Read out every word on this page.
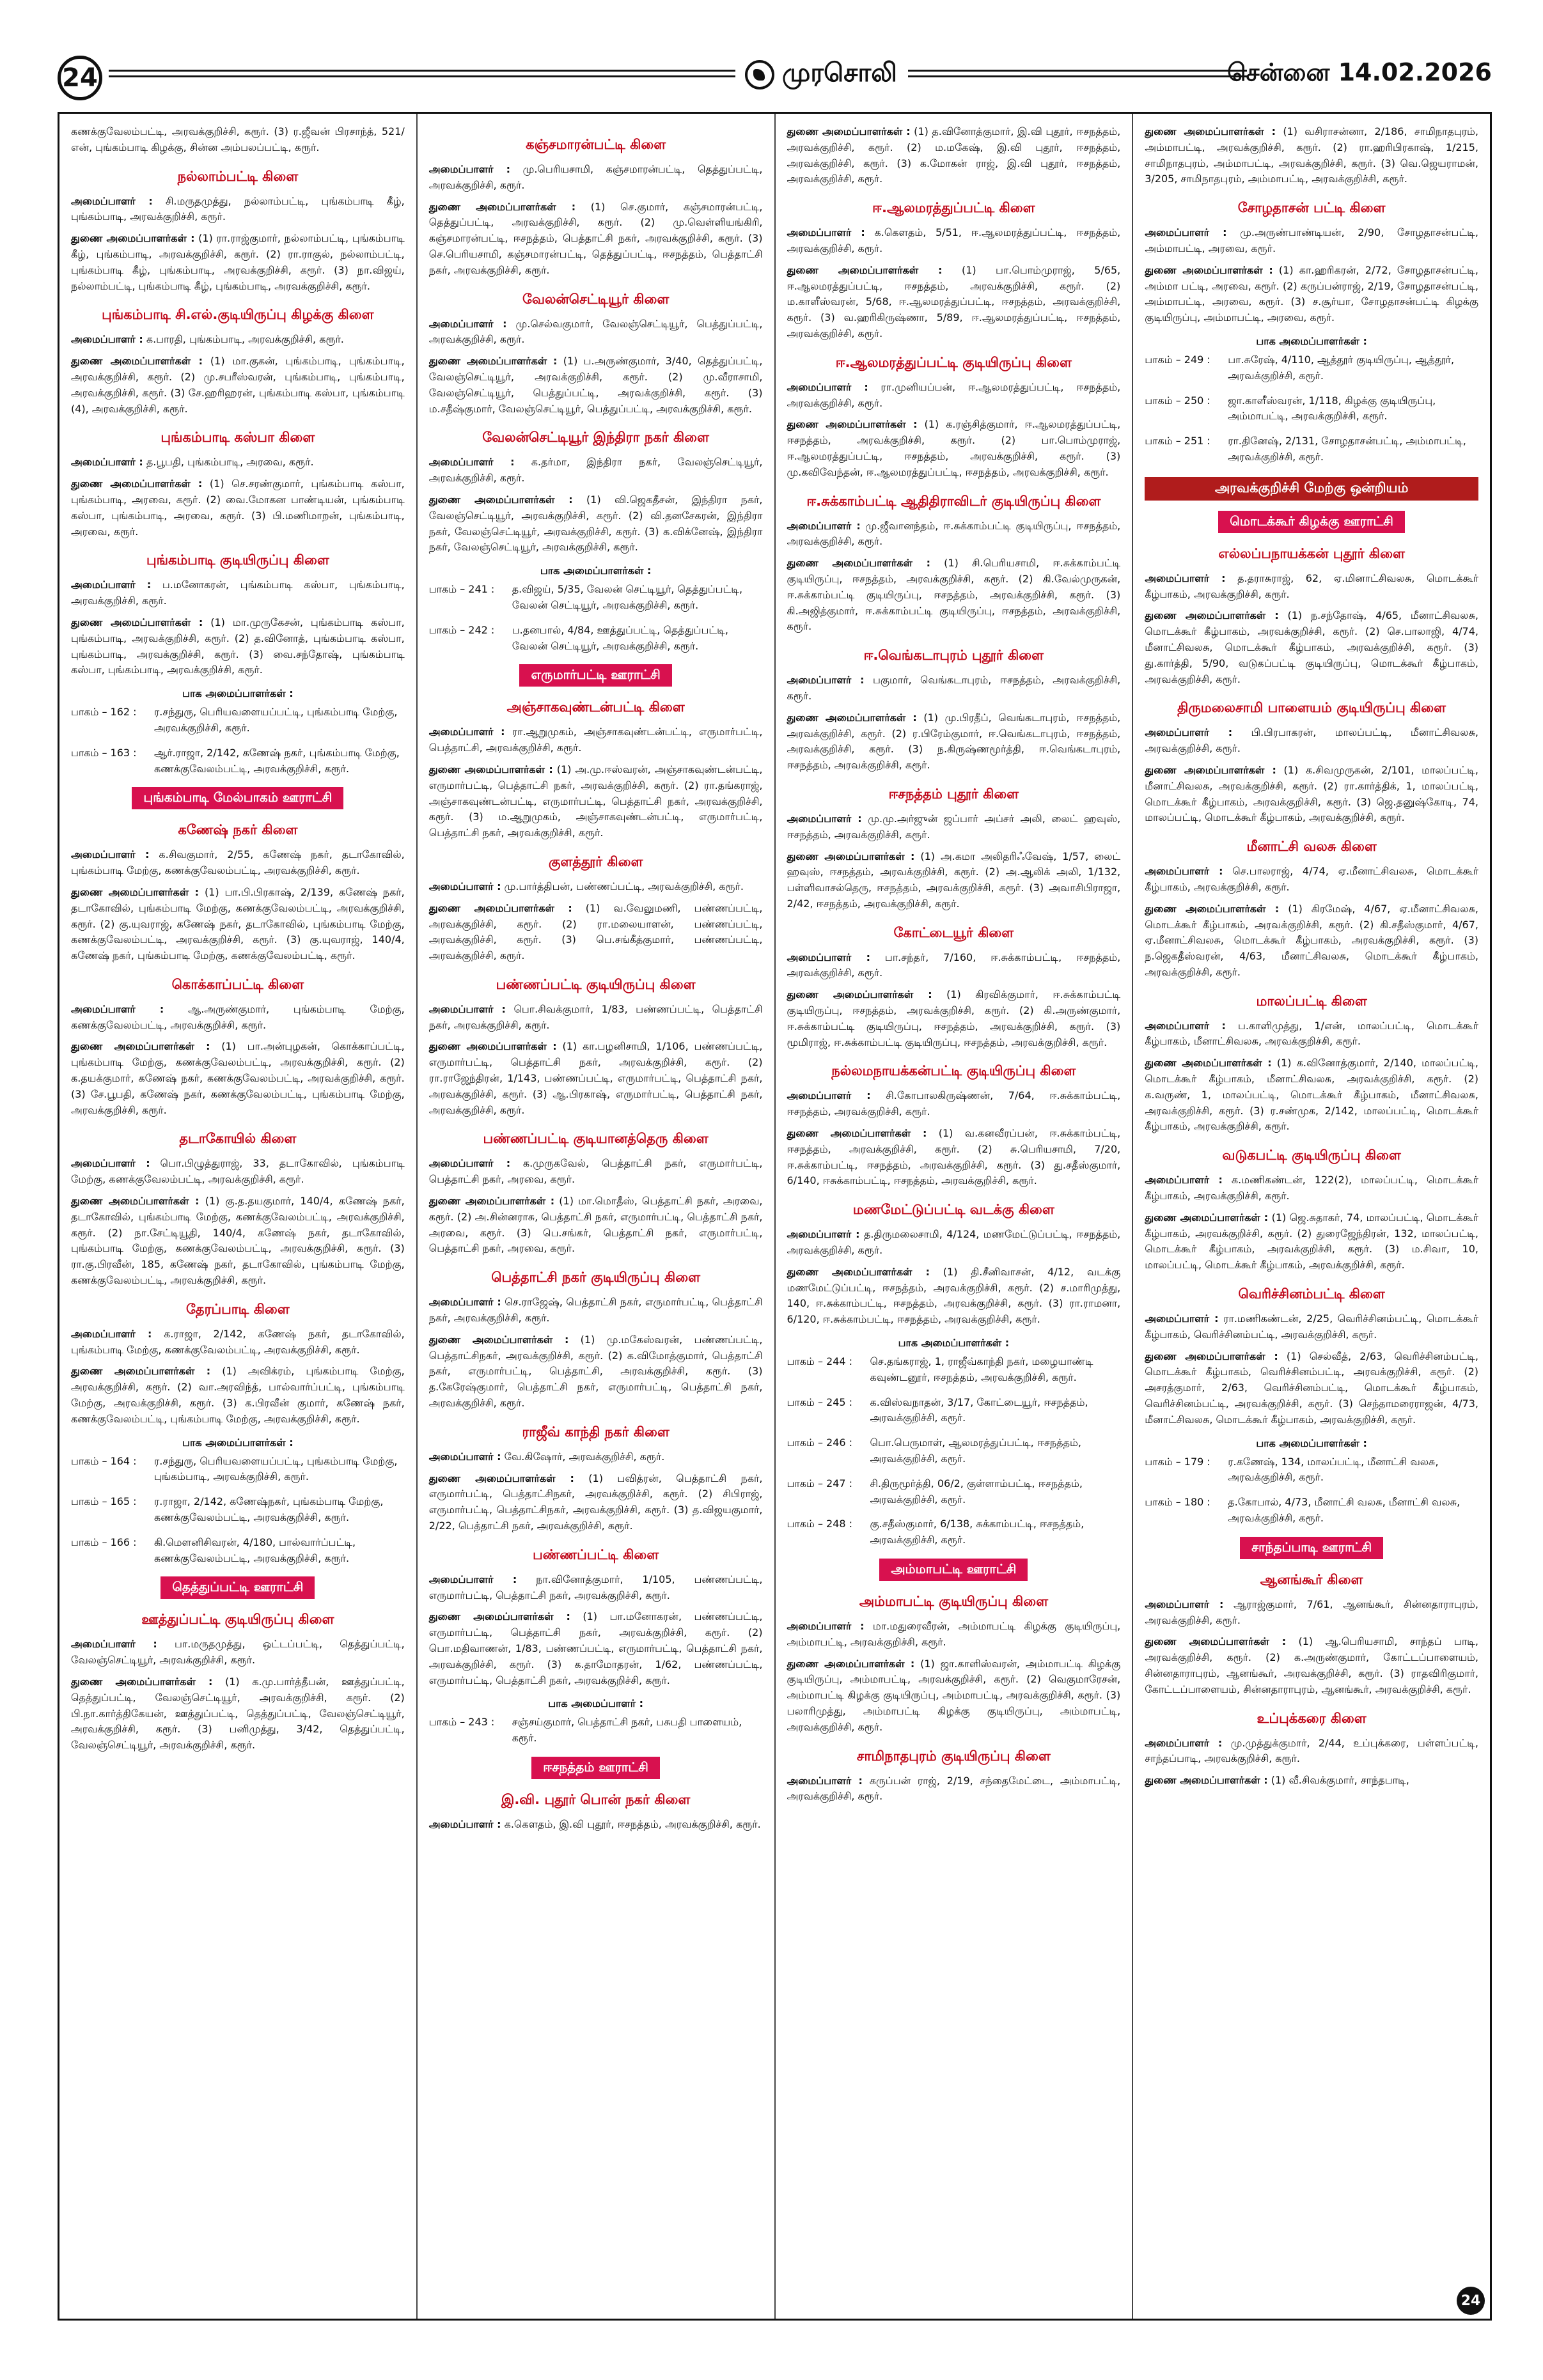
24	முரசொலி	சென்னை 14.02.2026

கணக்குவேலம்பட்டி, அரவக்குறிச்சி, கரூர். (3) ர.ஜீவன் பிரசாந்த், 521/என், புங்கம்பாடி கிழக்கு, சின்ன அம்பலப்பட்டி, கரூர்.

நல்லாம்பட்டி கிளை

அமைப்பாளர் : சி.மருதமுத்து, நல்லாம்பட்டி, புங்கம்பாடி கீழ், புங்கம்பாடி, அரவக்குறிச்சி, கரூர்.

துணை அமைப்பாளர்கள் : (1) ரா.ராஜ்குமார், நல்லாம்பட்டி, புங்கம்பாடி கீழ், புங்கம்பாடி, அரவக்குறிச்சி, கரூர். (2) ரா.ராகுல், நல்லாம்பட்டி, புங்கம்பாடி கீழ், புங்கம்பாடி, அரவக்குறிச்சி, கரூர். (3) நா.விஜய், நல்லாம்பட்டி, புங்கம்பாடி கீழ், புங்கம்பாடி, அரவக்குறிச்சி, கரூர்.

புங்கம்பாடி சி.எல்.குடியிருப்பு கிழக்கு கிளை

அமைப்பாளர் : க.பாரதி, புங்கம்பாடி, அரவக்குறிச்சி, கரூர்.

துணை அமைப்பாளர்கள் : (1) மா.குகன், புங்கம்பாடி, புங்கம்பாடி, அரவக்குறிச்சி, கரூர். (2) மு.சபரீஸ்வரன், புங்கம்பாடி, புங்கம்பாடி, அரவக்குறிச்சி, கரூர். (3) சே.ஹரிஹரன், புங்கம்பாடி கஸ்பா, புங்கம்பாடி (4), அரவக்குறிச்சி, கரூர்.

புங்கம்பாடி கஸ்பா கிளை

அமைப்பாளர் : த.பூபதி, புங்கம்பாடி, அரவை, கரூர்.

துணை அமைப்பாளர்கள் : (1) செ.சரண்குமார், புங்கம்பாடி கஸ்பா, புங்கம்பாடி, அரவை, கரூர். (2) வை.மோகன பாண்டியன், புங்கம்பாடி கஸ்பா, புங்கம்பாடி, அரவை, கரூர். (3) பி.மணிமாறன், புங்கம்பாடி, அரவை, கரூர்.

புங்கம்பாடி குடியிருப்பு கிளை

அமைப்பாளர் : ப.மனோகரன், புங்கம்பாடி கஸ்பா, புங்கம்பாடி, அரவக்குறிச்சி, கரூர்.

துணை அமைப்பாளர்கள் : (1) மா.முருகேசன், புங்கம்பாடி கஸ்பா, புங்கம்பாடி, அரவக்குறிச்சி, கரூர். (2) த.வினோத், புங்கம்பாடி கஸ்பா, புங்கம்பாடி, அரவக்குறிச்சி, கரூர். (3) வை.சந்தோஷ், புங்கம்பாடி கஸ்பா, புங்கம்பாடி, அரவக்குறிச்சி, கரூர்.

பாக அமைப்பாளர்கள் :
பாகம் – 162 :	ர.சந்துரு, பெரியவளையப்பட்டி, புங்கம்பாடி மேற்கு, அரவக்குறிச்சி, கரூர்.
பாகம் – 163 :	ஆர்.ராஜா, 2/142, கணேஷ் நகர், புங்கம்பாடி மேற்கு, கணக்குவேலம்பட்டி, அரவக்குறிச்சி, கரூர்.
புங்கம்பாடி மேல்பாகம் ஊராட்சி
கணேஷ் நகர் கிளை

அமைப்பாளர் : க.சிவகுமார், 2/55, கணேஷ் நகர், தடாகோவில், புங்கம்பாடி மேற்கு, கணக்குவேலம்பட்டி, அரவக்குறிச்சி, கரூர்.

துணை அமைப்பாளர்கள் : (1) பா.பி.பிரகாஷ், 2/139, கணேஷ் நகர், தடாகோவில், புங்கம்பாடி மேற்கு, கணக்குவேலம்பட்டி, அரவக்குறிச்சி, கரூர். (2) கு.யுவராஜ், கணேஷ் நகர், தடாகோவில், புங்கம்பாடி மேற்கு, கணக்குவேலம்பட்டி, அரவக்குறிச்சி, கரூர். (3) கு.யுவராஜ், 140/4, கணேஷ் நகர், புங்கம்பாடி மேற்கு, கணக்குவேலம்பட்டி, கரூர்.

கொக்காப்பட்டி கிளை

அமைப்பாளர் : ஆ.அருண்குமார், புங்கம்பாடி மேற்கு, கணக்குவேலம்பட்டி, அரவக்குறிச்சி, கரூர்.

துணை அமைப்பாளர்கள் : (1) பா.அன்புழகன், கொக்காப்பட்டி, புங்கம்பாடி மேற்கு, கணக்குவேலம்பட்டி, அரவக்குறிச்சி, கரூர். (2) க.தயக்குமார், கணேஷ் நகர், கணக்குவேலம்பட்டி, அரவக்குறிச்சி, கரூர். (3) சே.பூபதி, கணேஷ் நகர், கணக்குவேலம்பட்டி, புங்கம்பாடி மேற்கு, அரவக்குறிச்சி, கரூர்.

தடாகோயில் கிளை

அமைப்பாளர் : பொ.பிழுத்துராஜ், 33, தடாகோவில், புங்கம்பாடி மேற்கு, கணக்குவேலம்பட்டி, அரவக்குறிச்சி, கரூர்.

துணை அமைப்பாளர்கள் : (1) கு.த.தயகுமார், 140/4, கணேஷ் நகர், தடாகோவில், புங்கம்பாடி மேற்கு, கணக்குவேலம்பட்டி, அரவக்குறிச்சி, கரூர். (2) நா.சேட்டியூதி, 140/4, கணேஷ் நகர், தடாகோவில், புங்கம்பாடி மேற்கு, கணக்குவேலம்பட்டி, அரவக்குறிச்சி, கரூர். (3) ரா.கு.பிரவீன், 185, கணேஷ் நகர், தடாகோவில், புங்கம்பாடி மேற்கு, கணக்குவேலம்பட்டி, அரவக்குறிச்சி, கரூர்.

தேரப்பாடி கிளை

அமைப்பாளர் : க.ராஜா, 2/142, கணேஷ் நகர், தடாகோவில், புங்கம்பாடி மேற்கு, கணக்குவேலம்பட்டி, அரவக்குறிச்சி, கரூர்.

துணை அமைப்பாளர்கள் : (1) அவிக்ரம், புங்கம்பாடி மேற்கு, அரவக்குறிச்சி, கரூர். (2) வா.அரவிந்த், பால்வார்ப்பட்டி, புங்கம்பாடி மேற்கு, அரவக்குறிச்சி, கரூர். (3) க.பிரவீன் குமார், கணேஷ் நகர், கணக்குவேலம்பட்டி, புங்கம்பாடி மேற்கு, அரவக்குறிச்சி, கரூர்.

பாக அமைப்பாளர்கள் :
பாகம் – 164 :	ர.சந்துரு, பெரியவளையப்பட்டி, புங்கம்பாடி மேற்கு, புங்கம்பாடி, அரவக்குறிச்சி, கரூர்.
பாகம் – 165 :	ர.ராஜா, 2/142, கணேஷ்நகர், புங்கம்பாடி மேற்கு, கணக்குவேலம்பட்டி, அரவக்குறிச்சி, கரூர்.
பாகம் – 166 :	கி.மெளனிசிவரன், 4/180, பால்வார்ப்பட்டி, கணக்குவேலம்பட்டி, அரவக்குறிச்சி, கரூர்.
தெத்துப்பட்டி ஊராட்சி
ஊத்துப்பட்டி குடியிருப்பு கிளை

அமைப்பாளர் : பா.மருதமுத்து, ஒட்டப்பட்டி, தெத்துப்பட்டி, வேலஞ்செட்டியூர், அரவக்குறிச்சி, கரூர்.

துணை அமைப்பாளர்கள் : (1) க.மு.பார்த்தீபன், ஊத்துப்பட்டி, தெத்துப்பட்டி, வேலஞ்செட்டியூர், அரவக்குறிச்சி, கரூர். (2) பி.நா.கார்த்திகேயன், ஊத்துப்பட்டி, தெத்துப்பட்டி, வேலஞ்செட்டியூர், அரவக்குறிச்சி, கரூர். (3) பனிமுத்து, 3/42, தெத்துப்பட்டி, வேலஞ்செட்டியூர், அரவக்குறிச்சி, கரூர்.

கஞ்சமாரன்பட்டி கிளை

அமைப்பாளர் : மு.பெரியசாமி, கஞ்சமாரன்பட்டி, தெத்துப்பட்டி, அரவக்குறிச்சி, கரூர்.

துணை அமைப்பாளர்கள் : (1) செ.குமார், கஞ்சமாரன்பட்டி, தெத்துப்பட்டி, அரவக்குறிச்சி, கரூர். (2) மு.வெள்ளியங்கிரி, கஞ்சமாரன்பட்டி, ஈசநத்தம், பெத்தாட்சி நகர், அரவக்குறிச்சி, கரூர். (3) செ.பெரியசாமி, கஞ்சமாரன்பட்டி, தெத்துப்பட்டி, ஈசநத்தம், பெத்தாட்சி நகர், அரவக்குறிச்சி, கரூர்.

வேலன்செட்டியூர் கிளை

அமைப்பாளர் : மு.செல்வகுமார், வேலஞ்செட்டியூர், பெத்துப்பட்டி, அரவக்குறிச்சி, கரூர்.

துணை அமைப்பாளர்கள் : (1) ப.அருண்குமார், 3/40, தெத்துப்பட்டி, வேலஞ்செட்டியூர், அரவக்குறிச்சி, கரூர். (2) மு.வீராசாமி, வேலஞ்செட்டியூர், பெத்துப்பட்டி, அரவக்குறிச்சி, கரூர். (3) ம.சதீஷ்குமார், வேலஞ்செட்டியூர், பெத்துப்பட்டி, அரவக்குறிச்சி, கரூர்.

வேலன்செட்டியூர் இந்திரா நகர் கிளை

அமைப்பாளர் : க.தர்மா, இந்திரா நகர், வேலஞ்செட்டியூர், அரவக்குறிச்சி, கரூர்.

துணை அமைப்பாளர்கள் : (1) வி.ஜெகதீசன், இந்திரா நகர், வேலஞ்செட்டியூர், அரவக்குறிச்சி, கரூர். (2) வி.தனசேகரன், இந்திரா நகர், வேலஞ்செட்டியூர், அரவக்குறிச்சி, கரூர். (3) க.விக்னேஷ், இந்திரா நகர், வேலஞ்செட்டியூர், அரவக்குறிச்சி, கரூர்.

பாக அமைப்பாளர்கள் :
பாகம் – 241 :	த.விஜய், 5/35, வேலன் செட்டியூர், தெத்துப்பட்டி, வேலன் செட்டியூர், அரவக்குறிச்சி, கரூர்.
பாகம் – 242 :	ப.தனபால், 4/84, ஊத்துப்பட்டி, தெத்துப்பட்டி, வேலன் செட்டியூர், அரவக்குறிச்சி, கரூர்.
எருமார்பட்டி ஊராட்சி
அஞ்சாகவுண்டன்பட்டி கிளை

அமைப்பாளர் : ரா.ஆறுமுகம், அஞ்சாகவுண்டன்பட்டி, எருமார்பட்டி, பெத்தாட்சி, அரவக்குறிச்சி, கரூர்.

துணை அமைப்பாளர்கள் : (1) அ.மு.ஈஸ்வரன், அஞ்சாகவுண்டன்பட்டி, எருமார்பட்டி, பெத்தாட்சி நகர், அரவக்குறிச்சி, கரூர். (2) ரா.தங்கராஜ், அஞ்சாகவுண்டன்பட்டி, எருமார்பட்டி, பெத்தாட்சி நகர், அரவக்குறிச்சி, கரூர். (3) ம.ஆறுமுகம், அஞ்சாகவுண்டன்பட்டி, எருமார்பட்டி, பெத்தாட்சி நகர், அரவக்குறிச்சி, கரூர்.

குளத்தூர் கிளை

அமைப்பாளர் : மு.பார்த்திபன், பண்ணப்பட்டி, அரவக்குறிச்சி, கரூர்.

துணை அமைப்பாளர்கள் : (1) வ.வேலுமணி, பண்ணப்பட்டி, அரவக்குறிச்சி, கரூர். (2) ரா.மலையாளன், பண்ணப்பட்டி, அரவக்குறிச்சி, கரூர். (3) பெ.சங்கீத்குமார், பண்ணப்பட்டி, அரவக்குறிச்சி, கரூர்.

பண்ணப்பட்டி குடியிருப்பு கிளை

அமைப்பாளர் : பொ.சிவக்குமார், 1/83, பண்ணப்பட்டி, பெத்தாட்சி நகர், அரவக்குறிச்சி, கரூர்.

துணை அமைப்பாளர்கள் : (1) கா.பழனிசாமி, 1/106, பண்ணப்பட்டி, எருமார்பட்டி, பெத்தாட்சி நகர், அரவக்குறிச்சி, கரூர். (2) ரா.ராஜேந்திரன், 1/143, பண்ணப்பட்டி, எருமார்பட்டி, பெத்தாட்சி நகர், அரவக்குறிச்சி, கரூர். (3) ஆ.பிரகாஷ், எருமார்பட்டி, பெத்தாட்சி நகர், அரவக்குறிச்சி, கரூர்.

பண்ணப்பட்டி குடியானத்தெரு கிளை

அமைப்பாளர் : க.முருகவேல், பெத்தாட்சி நகர், எருமார்பட்டி, பெத்தாட்சி நகர், அரவை, கரூர்.

துணை அமைப்பாளர்கள் : (1) மா.மொதீஸ், பெத்தாட்சி நகர், அரவை, கரூர். (2) அ.சின்னராசு, பெத்தாட்சி நகர், எருமார்பட்டி, பெத்தாட்சி நகர், அரவை, கரூர். (3) பெ.சங்கர், பெத்தாட்சி நகர், எருமார்பட்டி, பெத்தாட்சி நகர், அரவை, கரூர்.

பெத்தாட்சி நகர் குடியிருப்பு கிளை

அமைப்பாளர் : செ.ராஜேஷ், பெத்தாட்சி நகர், எருமார்பட்டி, பெத்தாட்சி நகர், அரவக்குறிச்சி, கரூர்.

துணை அமைப்பாளர்கள் : (1) மு.மகேஸ்வரன், பண்ணப்பட்டி, பெத்தாட்சிநகர், அரவக்குறிச்சி, கரூர். (2) க.விமோத்குமார், பெத்தாட்சி நகர், எருமார்பட்டி, பெத்தாட்சி, அரவக்குறிச்சி, கரூர். (3) த.கேரேஷ்குமார், பெத்தாட்சி நகர், எருமார்பட்டி, பெத்தாட்சி நகர், அரவக்குறிச்சி, கரூர்.

ராஜீவ் காந்தி நகர் கிளை

அமைப்பாளர் : வே.கிஷோர், அரவக்குறிச்சி, கரூர்.

துணை அமைப்பாளர்கள் : (1) பவித்ரன், பெத்தாட்சி நகர், எருமார்பட்டி, பெத்தாட்சிநகர், அரவக்குறிச்சி, கரூர். (2) சிபிராஜ், எருமார்பட்டி, பெத்தாட்சிநகர், அரவக்குறிச்சி, கரூர். (3) த.விஜயகுமார், 2/22, பெத்தாட்சி நகர், அரவக்குறிச்சி, கரூர்.

பண்ணப்பட்டி கிளை

அமைப்பாளர் : நா.வினோத்குமார், 1/105, பண்ணப்பட்டி, எருமார்பட்டி, பெத்தாட்சி நகர், அரவக்குறிச்சி, கரூர்.

துணை அமைப்பாளர்கள் : (1) பா.மனோகரன், பண்ணப்பட்டி, எருமார்பட்டி, பெத்தாட்சி நகர், அரவக்குறிச்சி, கரூர். (2) பொ.மதிவாணன், 1/83, பண்ணப்பட்டி, எருமார்பட்டி, பெத்தாட்சி நகர், அரவக்குறிச்சி, கரூர். (3) க.தாமோதரன், 1/62, பண்ணப்பட்டி, எருமார்பட்டி, பெத்தாட்சி நகர், அரவக்குறிச்சி, கரூர்.

பாக அமைப்பாளர் :
பாகம் – 243 :	சஞ்சய்குமார், பெத்தாட்சி நகர், பசுபதி பாளையம், கரூர்.
ஈசநத்தம் ஊராட்சி
இ.வி. புதூர் பொன் நகர் கிளை

அமைப்பாளர் : க.கௌதம், இ.வி புதூர், ஈசநத்தம், அரவக்குறிச்சி, கரூர்.

துணை அமைப்பாளர்கள் : (1) த.வினோத்குமார், இ.வி புதூர், ஈசநத்தம், அரவக்குறிச்சி, கரூர். (2) ம.மகேஷ், இ.வி புதூர், ஈசநத்தம், அரவக்குறிச்சி, கரூர். (3) க.மோகன் ராஜ், இ.வி புதூர், ஈசநத்தம், அரவக்குறிச்சி, கரூர்.

ஈ.ஆலமரத்துப்பட்டி கிளை

அமைப்பாளர் : க.கௌதம், 5/51, ஈ.ஆலமரத்துப்பட்டி, ஈசநத்தம், அரவக்குறிச்சி, கரூர்.

துணை அமைப்பாளர்கள் : (1) பா.பொம்முராஜ், 5/65, ஈ.ஆலமரத்துப்பட்டி, ஈசநத்தம், அரவக்குறிச்சி, கரூர். (2) ம.காளீஸ்வரன், 5/68, ஈ.ஆலமரத்துப்பட்டி, ஈசநத்தம், அரவக்குறிச்சி, கரூர். (3) வ.ஹரிகிருஷ்ணா, 5/89, ஈ.ஆலமரத்துப்பட்டி, ஈசநத்தம், அரவக்குறிச்சி, கரூர்.

ஈ.ஆலமரத்துப்பட்டி குடியிருப்பு கிளை

அமைப்பாளர் : ரா.முனியப்பன், ஈ.ஆலமரத்துப்பட்டி, ஈசநத்தம், அரவக்குறிச்சி, கரூர்.

துணை அமைப்பாளர்கள் : (1) க.ரஞ்சித்குமார், ஈ.ஆலமரத்துப்பட்டி, ஈசநத்தம், அரவக்குறிச்சி, கரூர். (2) பா.பொம்முராஜ், ஈ.ஆலமரத்துப்பட்டி, ஈசநத்தம், அரவக்குறிச்சி, கரூர். (3) மு.கவிவேந்தன், ஈ.ஆலமரத்துப்பட்டி, ஈசநத்தம், அரவக்குறிச்சி, கரூர்.

ஈ.சுக்காம்பட்டி ஆதிதிராவிடர் குடியிருப்பு கிளை

அமைப்பாளர் : மு.ஜீவானந்தம், ஈ.சுக்காம்பட்டி குடியிருப்பு, ஈசநத்தம், அரவக்குறிச்சி, கரூர்.

துணை அமைப்பாளர்கள் : (1) சி.பெரியசாமி, ஈ.சுக்காம்பட்டி குடியிருப்பு, ஈசநத்தம், அரவக்குறிச்சி, கரூர். (2) கி.வேல்முருகன், ஈ.சுக்காம்பட்டி குடியிருப்பு, ஈசநத்தம், அரவக்குறிச்சி, கரூர். (3) கி.அஜித்குமார், ஈ.சுக்காம்பட்டி குடியிருப்பு, ஈசநத்தம், அரவக்குறிச்சி, கரூர்.

ஈ.வெங்கடாபுரம் புதூர் கிளை

அமைப்பாளர் : பகுமார், வெங்கடாபுரம், ஈசநத்தம், அரவக்குறிச்சி, கரூர்.

துணை அமைப்பாளர்கள் : (1) மு.பிரதீப், வெங்கடாபுரம், ஈசநத்தம், அரவக்குறிச்சி, கரூர். (2) ர.பிரேம்குமார், ஈ.வெங்கடாபுரம், ஈசநத்தம், அரவக்குறிச்சி, கரூர். (3) ந.கிருஷ்ணமூர்த்தி, ஈ.வெங்கடாபுரம், ஈசநத்தம், அரவக்குறிச்சி, கரூர்.

ஈசநத்தம் புதூர் கிளை

அமைப்பாளர் : மு.மு.அர்ஜுன் ஜப்பார் அப்சர் அலி, லைட் ஹவுஸ், ஈசநத்தம், அரவக்குறிச்சி, கரூர்.

துணை அமைப்பாளர்கள் : (1) அ.கமா அலிதரிஃவேஷ், 1/57, லைட் ஹவுஸ், ஈசநத்தம், அரவக்குறிச்சி, கரூர். (2) அ.ஆலிக் அலி, 1/132, பள்ளிவாசல்தெரு, ஈசநத்தம், அரவக்குறிச்சி, கரூர். (3) அவாசிபிராஜா, 2/42, ஈசநத்தம், அரவக்குறிச்சி, கரூர்.

கோட்டையூர் கிளை

அமைப்பாளர் : பா.சந்தர், 7/160, ஈ.சுக்காம்பட்டி, ஈசநத்தம், அரவக்குறிச்சி, கரூர்.

துணை அமைப்பாளர்கள் : (1) கிரவிக்குமார், ஈ.சுக்காம்பட்டி குடியிருப்பு, ஈசநத்தம், அரவக்குறிச்சி, கரூர். (2) கி.அருண்குமார், ஈ.சுக்காம்பட்டி குடியிருப்பு, ஈசநத்தம், அரவக்குறிச்சி, கரூர். (3) மூமிராஜ், ஈ.சுக்காம்பட்டி குடியிருப்பு, ஈசநத்தம், அரவக்குறிச்சி, கரூர்.

நல்லமநாயக்கன்பட்டி குடியிருப்பு கிளை

அமைப்பாளர் : சி.கோபாலகிருஷ்ணன், 7/64, ஈ.சுக்காம்பட்டி, ஈசநத்தம், அரவக்குறிச்சி, கரூர்.

துணை அமைப்பாளர்கள் : (1) வ.கனவீரப்பன், ஈ.சுக்காம்பட்டி, ஈசநத்தம், அரவக்குறிச்சி, கரூர். (2) சு.பெரியசாமி, 7/20, ஈ.சுக்காம்பட்டி, ஈசநத்தம், அரவக்குறிச்சி, கரூர். (3) து.சதீஸ்குமார், 6/140, ஈசுக்காம்பட்டி, ஈசநத்தம், அரவக்குறிச்சி, கரூர்.

மணமேட்டுப்பட்டி வடக்கு கிளை

அமைப்பாளர் : த.திருமலைசாமி, 4/124, மணமேட்டுப்பட்டி, ஈசநத்தம், அரவக்குறிச்சி, கரூர்.

துணை அமைப்பாளர்கள் : (1) தி.சீனிவாசன், 4/12, வடக்கு மணமேட்டுப்பட்டி, ஈசநத்தம், அரவக்குறிச்சி, கரூர். (2) ச.மாரிமுத்து, 140, ஈ.சுக்காம்பட்டி, ஈசநத்தம், அரவக்குறிச்சி, கரூர். (3) ரா.ராமனா, 6/120, ஈ.சுக்காம்பட்டி, ஈசநத்தம், அரவக்குறிச்சி, கரூர்.

பாக அமைப்பாளர்கள் :
பாகம் – 244 :	செ.தங்கராஜ், 1, ராஜீவ்காந்தி நகர், மழையாண்டி கவுண்டனூர், ஈசநத்தம், அரவக்குறிச்சி, கரூர்.
பாகம் – 245 :	க.விஸ்வநாதன், 3/17, கோட்டையூர், ஈசநத்தம், அரவக்குறிச்சி, கரூர்.
பாகம் – 246 :	பொ.பெருமாள், ஆலமரத்துப்பட்டி, ஈசநத்தம், அரவக்குறிச்சி, கரூர்.
பாகம் – 247 :	சி.திருமூர்த்தி, 06/2, குள்ளாம்பட்டி, ஈசநத்தம், அரவக்குறிச்சி, கரூர்.
பாகம் – 248 :	கு.சதீஸ்குமார், 6/138, சுக்காம்பட்டி, ஈசநத்தம், அரவக்குறிச்சி, கரூர்.
அம்மாபட்டி ஊராட்சி
அம்மாபட்டி குடியிருப்பு கிளை

அமைப்பாளர் : மா.மதுரைவீரன், அம்மாபட்டி கிழக்கு குடியிருப்பு, அம்மாபட்டி, அரவக்குறிச்சி, கரூர்.

துணை அமைப்பாளர்கள் : (1) ஜா.காளிஸ்வரன், அம்மாபட்டி கிழக்கு குடியிருப்பு, அம்மாபட்டி, அரவக்குறிச்சி, கரூர். (2) வெகுமாரேசன், அம்மாபட்டி கிழக்கு குடியிருப்பு, அம்மாபட்டி, அரவக்குறிச்சி, கரூர். (3) பலாரிமுத்து, அம்மாபட்டி கிழக்கு குடியிருப்பு, அம்மாபட்டி, அரவக்குறிச்சி, கரூர்.

சாமிநாதபுரம் குடியிருப்பு கிளை

அமைப்பாளர் : கருப்பன் ராஜ், 2/19, சந்தைமேட்டை, அம்மாபட்டி, அரவக்குறிச்சி, கரூர்.

துணை அமைப்பாளர்கள் : (1) வசிராசன்னா, 2/186, சாமிநாதபுரம், அம்மாபட்டி, அரவக்குறிச்சி, கரூர். (2) ரா.ஹரிபிரகாஷ், 1/215, சாமிநாதபுரம், அம்மாபட்டி, அரவக்குறிச்சி, கரூர். (3) வெ.ஜெயராமன், 3/205, சாமிநாதபுரம், அம்மாபட்டி, அரவக்குறிச்சி, கரூர்.

சோழதாசன் பட்டி கிளை

அமைப்பாளர் : மு.அருண்பாண்டியன், 2/90, சோழதாசன்பட்டி, அம்மாபட்டி, அரவை, கரூர்.

துணை அமைப்பாளர்கள் : (1) கா.ஹரிகரன், 2/72, சோழதாசன்பட்டி, அம்மா பட்டி, அரவை, கரூர். (2) கருப்பன்ராஜ், 2/19, சோழதாசன்பட்டி, அம்மாபட்டி, அரவை, கரூர். (3) ச.சூர்யா, சோழதாசன்பட்டி கிழக்கு குடியிருப்பு, அம்மாபட்டி, அரவை, கரூர்.

பாக அமைப்பாளர்கள் :
பாகம் – 249 :	பா.சுரேஷ், 4/110, ஆத்தூர் குடியிருப்பு, ஆத்தூர், அரவக்குறிச்சி, கரூர்.
பாகம் – 250 :	ஜா.காளீஸ்வரன், 1/118, கிழக்கு குடியிருப்பு, அம்மாபட்டி, அரவக்குறிச்சி, கரூர்.
பாகம் – 251 :	ரா.தினேஷ், 2/131, சோழதாசன்பட்டி, அம்மாபட்டி, அரவக்குறிச்சி, கரூர்.
அரவக்குறிச்சி மேற்கு ஒன்றியம்
மொடக்கூர் கிழக்கு ஊராட்சி
எல்லப்பநாயக்கன் புதூர் கிளை

அமைப்பாளர் : த.தராசுராஜ், 62, ஏ.மினாட்சிவலசு, மொடக்கூர் கீழ்பாகம், அரவக்குறிச்சி, கரூர்.

துணை அமைப்பாளர்கள் : (1) ந.சந்தோஷ், 4/65, மீனாட்சிவலசு, மொடக்கூர் கீழ்பாகம், அரவக்குறிச்சி, கரூர். (2) செ.பாலாஜி, 4/74, மீனாட்சிவலசு, மொடக்கூர் கீழ்பாகம், அரவக்குறிச்சி, கரூர். (3) து.கார்த்தி, 5/90, வடுகப்பட்டி குடியிருப்பு, மொடக்கூர் கீழ்பாகம், அரவக்குறிச்சி, கரூர்.

திருமலைசாமி பாளையம் குடியிருப்பு கிளை

அமைப்பாளர் : பி.பிரபாகரன், மாலப்பட்டி, மீனாட்சிவலசு, அரவக்குறிச்சி, கரூர்.

துணை அமைப்பாளர்கள் : (1) க.சிவமுருகன், 2/101, மாலப்பட்டி, மீனாட்சிவலசு, அரவக்குறிச்சி, கரூர். (2) ரா.கார்த்திக், 1, மாலப்பட்டி, மொடக்கூர் கீழ்பாகம், அரவக்குறிச்சி, கரூர். (3) ஜெ.தனுஷ்கோடி, 74, மாலப்பட்டி, மொடக்கூர் கீழ்பாகம், அரவக்குறிச்சி, கரூர்.

மீனாட்சி வலசு கிளை

அமைப்பாளர் : செ.பாலராஜ், 4/74, ஏ.மீனாட்சிவலசு, மொடக்கூர் கீழ்பாகம், அரவக்குறிச்சி, கரூர்.

துணை அமைப்பாளர்கள் : (1) கிரமேஷ், 4/67, ஏ.மீனாட்சிவலசு, மொடக்கூர் கீழ்பாகம், அரவக்குறிச்சி, கரூர். (2) கி.சதீஸ்குமார், 4/67, ஏ.மீனாட்சிவலசு, மொடக்கூர் கீழ்பாகம், அரவக்குறிச்சி, கரூர். (3) ந.ஜெகதீஸ்வரன், 4/63, மீனாட்சிவலசு, மொடக்கூர் கீழ்பாகம், அரவக்குறிச்சி, கரூர்.

மாலப்பட்டி கிளை

அமைப்பாளர் : ப.காளிமுத்து, 1/என், மாலப்பட்டி, மொடக்கூர் கீழ்பாகம், மீனாட்சிவலசு, அரவக்குறிச்சி, கரூர்.

துணை அமைப்பாளர்கள் : (1) க.வினோத்குமார், 2/140, மாலப்பட்டி, மொடக்கூர் கீழ்பாகம், மீனாட்சிவலசு, அரவக்குறிச்சி, கரூர். (2) க.வருண், 1, மாலப்பட்டி, மொடக்கூர் கீழ்பாகம், மீனாட்சிவலசு, அரவக்குறிச்சி, கரூர். (3) ர.சண்முக, 2/142, மாலப்பட்டி, மொடக்கூர் கீழ்பாகம், அரவக்குறிச்சி, கரூர்.

வடுகபட்டி குடியிருப்பு கிளை

அமைப்பாளர் : க.மணிகண்டன், 122(2), மாலப்பட்டி, மொடக்கூர் கீழ்பாகம், அரவக்குறிச்சி, கரூர்.

துணை அமைப்பாளர்கள் : (1) ஜெ.சுதாகர், 74, மாலப்பட்டி, மொடக்கூர் கீழ்பாகம், அரவக்குறிச்சி, கரூர். (2) துரைஜேந்திரன், 132, மாலப்பட்டி, மொடக்கூர் கீழ்பாகம், அரவக்குறிச்சி, கரூர். (3) ம.சிவா, 10, மாலப்பட்டி, மொடக்கூர் கீழ்பாகம், அரவக்குறிச்சி, கரூர்.

வெரிச்சினம்பட்டி கிளை

அமைப்பாளர் : ரா.மணிகண்டன், 2/25, வெரிச்சினம்பட்டி, மொடக்கூர் கீழ்பாகம், வெரிச்சினம்பட்டி, அரவக்குறிச்சி, கரூர்.

துணை அமைப்பாளர்கள் : (1) செல்வீத், 2/63, வெரிச்சினம்பட்டி, மொடக்கூர் கீழ்பாகம், வெரிச்சினம்பட்டி, அரவக்குறிச்சி, கரூர். (2) அசரத்குமார், 2/63, வெரிச்சினம்பட்டி, மொடக்கூர் கீழ்பாகம், வெரிச்சினம்பட்டி, அரவக்குறிச்சி, கரூர். (3) செந்தாமரைராஜன், 4/73, மீனாட்சிவலசு, மொடக்கூர் கீழ்பாகம், அரவக்குறிச்சி, கரூர்.

பாக அமைப்பாளர்கள் :
பாகம் – 179 :	ர.கணேஷ், 134, மாலப்பட்டி, மீனாட்சி வலசு, அரவக்குறிச்சி, கரூர்.
பாகம் – 180 :	த.கோபால், 4/73, மீனாட்சி வலசு, மீனாட்சி வலசு, அரவக்குறிச்சி, கரூர்.
சாந்தப்பாடி ஊராட்சி
ஆனங்கூர் கிளை

அமைப்பாளர் : ஆராஜ்குமார், 7/61, ஆனங்கூர், சின்னதாராபுரம், அரவக்குறிச்சி, கரூர்.

துணை அமைப்பாளர்கள் : (1) ஆ.பெரியசாமி, சாந்தப் பாடி, அரவக்குறிச்சி, கரூர். (2) க.அருண்குமார், கோட்டப்பாளையம், சின்னதாராபுரம், ஆனங்கூர், அரவக்குறிச்சி, கரூர். (3) ராதவிரிகுமார், கோட்டப்பாளையம், சின்னதாராபுரம், ஆனங்கூர், அரவக்குறிச்சி, கரூர்.

உப்புக்கரை கிளை

அமைப்பாளர் : மு.முத்துக்குமார், 2/44, உப்புக்கரை, பள்ளப்பட்டி, சாந்தப்பாடி, அரவக்குறிச்சி, கரூர்.

துணை அமைப்பாளர்கள் : (1) வீ.சிவக்குமார், சாந்தபாடி,

24
